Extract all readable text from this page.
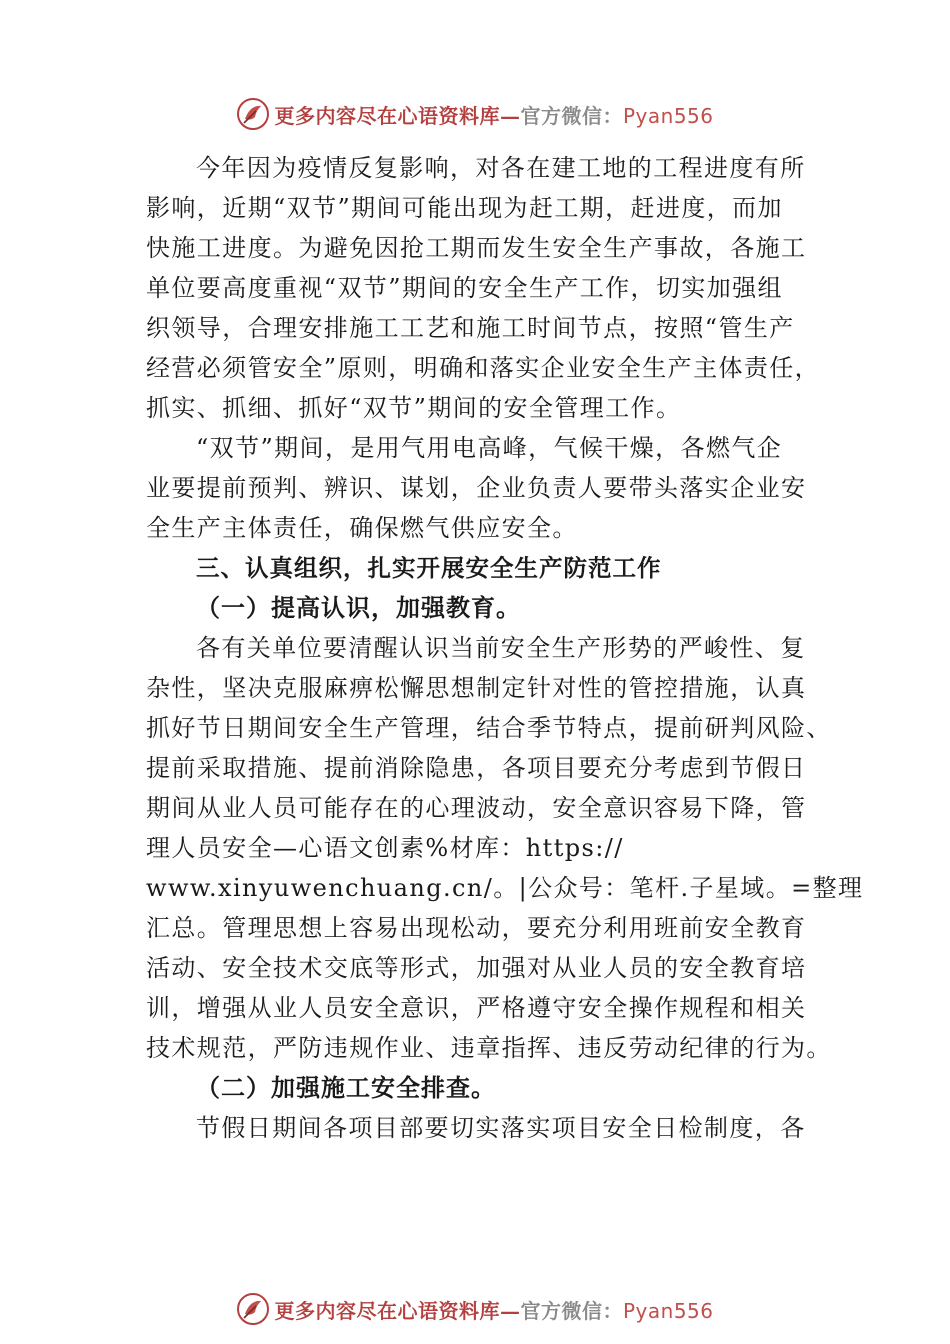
更多内容尽在心语资料库—官方微信：Pyan556
今年因为疫情反复影响，对各在建工地的工程进度有所
影响，近期“双节”期间可能出现为赶工期，赶进度，而加
快施工进度。为避免因抢工期而发生安全生产事故，各施工
单位要高度重视“双节”期间的安全生产工作，切实加强组
织领导，合理安排施工工艺和施工时间节点，按照“管生产
经营必须管安全”原则，明确和落实企业安全生产主体责任，
抓实、抓细、抓好“双节”期间的安全管理工作。
“双节”期间，是用气用电高峰，气候干燥，各燃气企
业要提前预判、辨识、谋划，企业负责人要带头落实企业安
全生产主体责任，确保燃气供应安全。
三、认真组织，扎实开展安全生产防范工作
（一）提高认识，加强教育。
各有关单位要清醒认识当前安全生产形势的严峻性、复
杂性，坚决克服麻痹松懈思想制定针对性的管控措施，认真
抓好节日期间安全生产管理，结合季节特点，提前研判风险、
提前采取措施、提前消除隐患，各项目要充分考虑到节假日
期间从业人员可能存在的心理波动，安全意识容易下降，管
理人员安全—心语文创素%材库：https://
www.xinyuwenchuang.cn/。|公众号：笔杆.子星域。=整理
汇总。管理思想上容易出现松动，要充分利用班前安全教育
活动、安全技术交底等形式，加强对从业人员的安全教育培
训，增强从业人员安全意识，严格遵守安全操作规程和相关
技术规范，严防违规作业、违章指挥、违反劳动纪律的行为。
（二）加强施工安全排查。
节假日期间各项目部要切实落实项目安全日检制度，各
更多内容尽在心语资料库—官方微信：Pyan556
